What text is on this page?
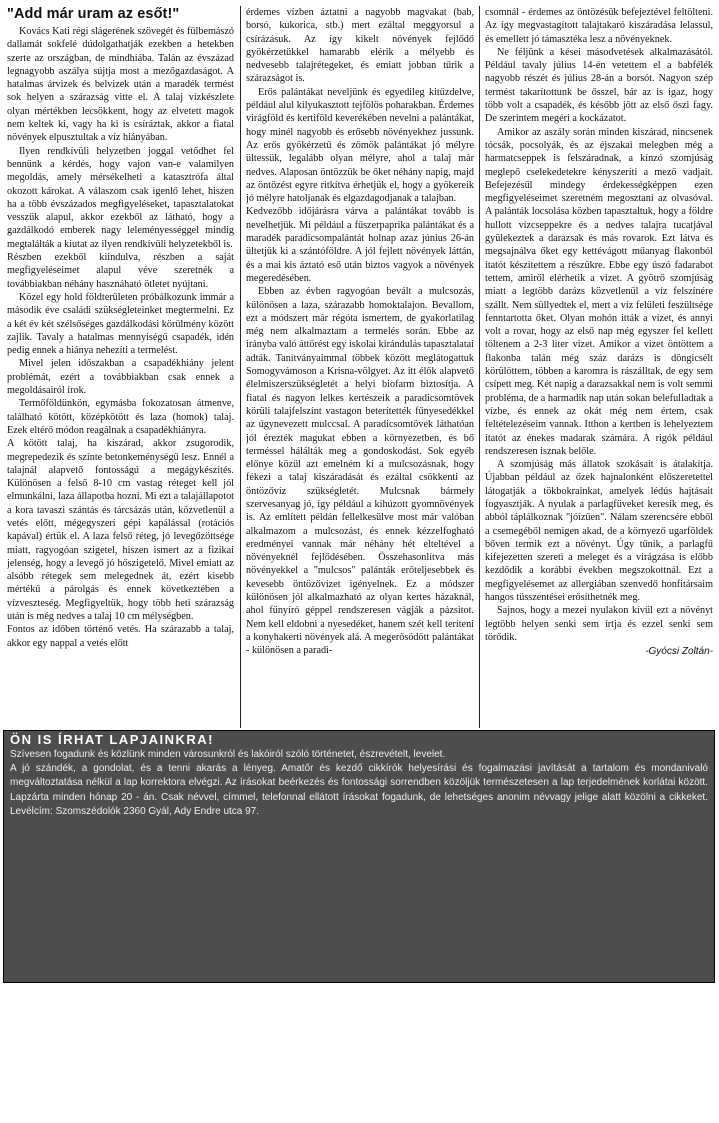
"Add már uram az esőt!"

Kovács Kati régi slágerének szövegét és fülbemászó dallamát sokfelé dúdolgathatják ezekben a hetekben szerte az országban, de mindhiába. Talán az évszázad legnagyobb aszálya sújtja most a mezőgazdaságot. A hatalmas árvizek és belvizek után a maradék termést sok helyen a szárazság vitte el. A talaj vízkészlete olyan mértékben lecsökkent, hogy az elvetett magok nem keltek ki, vagy ha ki is csíráztak, akkor a fiatal növények elpusztultak a víz hiányában.

Ilyen rendkívüli helyzetben joggal vetődhet fel bennünk a kérdés, hogy vajon van-e valamilyen megoldás, amely mérsékelheti a katasztrófa által okozott károkat. A válaszom csak igenlő lehet, hiszen ha a több évszázados megfigyeléseket, tapasztalatokat vesszük alapul, akkor ezekből az látható, hogy a gazdálkodó emberek nagy leleményességgel mindig megtalálták a kiutat az ilyen rendkívüli helyzetekből is.

Részben ezekből kiindulva, részben a saját megfigyeléseimet alapul véve szeretnék a továbbiakban néhány hasznáható ötletet nyújtani.

Közel egy hold földterületen próbálkozunk immár a második éve családi szükségleteinket megtermelni. Ez a két év két szélsőséges gazdálkodási körülmény között zajlik. Tavaly a hatalmas mennyiségű csapadék, idén pedig ennek a hiánya nehezíti a termelést.

Mivel jelen időszakban a csapadékhiány jelent problémát, ezért a továbbiakban csak ennek a megoldásairól írok.

Termőföldünkön, egymásba fokozatosan átmenve, található kötött, középkötött és laza (homok) talaj. Ezek eltérő módon reagálnak a csapadékhiányra.

A kötött talaj, ha kiszárad, akkor zsugorodik, megrepedezik és szinte betonkeménységű lesz. Ennél a talajnál alapvető fontosságú a megágykészítés. Különösen a felső 8-10 cm vastag réteget kell jól elmunkálni, laza állapotba hozni. Mi ezt a talajállapotot a kora tavaszi szántás és tárcsázás után, közvetlenül a vetés előtt, mégegyszeri gépi kapálással (rotációs kapával) értük el. A laza felső réteg, jó levegőzöttsége miatt, ragyogóan szigetel, hiszen ismert az a fizikai jelenség, hogy a levegő jó hőszigetelő. Mivel emiatt az alsóbb rétegek sem melegednek át, ezért kisebb mértékű a párolgás és ennek következtében a vízveszteség. Megfigyeltük, hogy több heti szárazság után is még nedves a talaj 10 cm mélységben.

Fontos az időben történő vetés. Ha szárazabb a talaj, akkor egy nappal a vetés előtt

érdemes vízben áztatni a nagyobb magvakat (bab, borsó, kukorica, stb.) mert ezáltal meggyorsul a csírázásuk. Az így kikelt növények fejlődő gyökérzetükkel hamarabb elérik a mélyebb és nedvesebb talajrétegeket, és emiatt jobban tűrik a szárazságot is.

Erős palántákat neveljünk és egyedileg kitűzdelve, például alul kilyukasztott tejfölös poharakban. Érdemes virágföld és kertiföld keverékében nevelni a palántákat, hogy minél nagyobb és erősebb növényekhez jussunk. Az erős gyökérzetű és zömök palántákat jó mélyre ültessük, legalább olyan mélyre, ahol a talaj már nedves. Alaposan öntözzük be őket néhány napig, majd az öntözést egyre ritkítva érhetjük el, hogy a gyökereik jó mélyre hatoljanak és elgazdagodjanak a talajban.

Kedvezőbb időjárásra várva a palántákat tovább is nevelhetjük. Mi például a fűszerpaprika palántákat és a maradék paradicsompalántát holnap azaz június 26-án ültetjük ki a szántóföldre. A jól fejlett növények láttán, és a mai kis áztató eső után biztos vagyok a növények megeredésében.

Ebben az évben ragyogóan bevált a mulcsozás, különösen a laza, szárazabb homoktalajon. Bevallom, ezt a módszert már régóta ismertem, de gyakorlatilag még nem alkalmaztam a termelés során. Ebbe az irányba való áttörést egy iskolai kirándulás tapasztalatai adták. Tanítványaimmal többek között meglátogattuk Somogyvámoson a Krisna-völgyet. Az itt élők alapvető élelmiszerszükségletét a helyi biofarm biztosítja. A fiatal és nagyon lelkes kertészeik a paradicsomtövek körüli talajfelszínt vastagon beterítették fűnyesedékkel az úgynevezett mulccsal. A paradicsomtövek láthatóan jól érezték magukat ebben a környezetben, és bő terméssel hálálták meg a gondoskodást. Sok egyéb előnye közül azt emelném ki a mulcsozásnak, hogy fékezi a talaj kiszáradását és ezáltal csökkenti az öntözővíz szükségletét. Mulcsnak bármely szervesanyag jó, így például a kihúzott gyomnövények is. Az említett példán fellelkesülve most már valóban alkalmazom a mulcsozást, és ennek kézzelfogható eredményei vannak már néhány hét elteltével a növényeknél fejlődésében. Összehasonlítva más növényekkel a "mulcsos" palánták erőteljesebbek és kevesebb öntözővizet igényelnek. Ez a módszer különösen jól alkalmazható az olyan kertes házaknál, ahol fűnyíró géppel rendszeresen vágják a pázsitot. Nem kell eldobni a nyesedéket, hanem szét kell teríteni a konyhakerti növények alá. A megerősödött palántákat - különösen a paradi-

csomnál - érdemes az öntözésük befejeztével feltölteni. Az így megvastagított talajtakaró kiszáradása lelassul, és emellett jó támasztéka lesz a növényeknek.

Ne féljünk a kései másodvetések alkalmazásától. Például tavaly július 14-én vetettem el a babfélék nagyobb részét és július 28-án a borsót. Nagyon szép termést takarítottunk be ősszel, bár az is igaz, hogy több volt a csapadék, és később jött az első őszi fagy. De szerintem megéri a kockázatot.

Amikor az aszály során minden kiszárad, nincsenek tócsák, pocsolyák, és az éjszakai melegben még a harmatcseppek is felszáradnak, a kínzó szomjúság meglepő cselekedetekre kényszeríti a mező vadjait. Befejezésül mindegy érdekességképpen ezen megfigyeléseimet szeretném megosztani az olvasóval. A palánták locsolása közben tapasztaltuk, hogy a földre hullott vízcseppekre és a nedves talajra tucatjával gyülekeztek a darazsak és más rovarok. Ezt látva és megsajnálva őket egy kettévágott műanyag flakonból itatót készítettem a részükre. Ebbe egy úszó fadarabot tettem, amiről elérhetik a vizet. A gyötrő szomjúság miatt a legtöbb darázs közvetlenül a víz felszínére szállt. Nem süllyedtek el, mert a víz felületi feszültsége fenntartotta őket. Olyan mohón itták a vizet, és annyi volt a rovar, hogy az első nap még egyszer fel kellett töltenem a 2-3 liter vizet. Amikor a vizet öntöttem a flakonba talán még száz darázs is döngicsélt körülöttem, többen a karomra is rászálltak, de egy sem csípett meg. Két napig a darazsakkal nem is volt semmi probléma, de a harmadik nap után sokan belefulladtak a vízbe, és ennek az okát még nem értem, csak feltételezéseim vannak. Itthon a kertben is lehelyeztem itatót az énekes madarak számára. A rigók például rendszeresen isznak belőle.

A szomjúság más állatok szokásait is átalakítja. Újabban például az őzek hajnalonként előszeretettel látogatják a tökbokrainkat, amelyek lédús hajtásait fogyasztják. A nyulak a parlagfüveket keresik meg, és abból táplálkoznak "jóízűen". Nálam szerencsére ebből a csemegéből nemigen akad, de a környező ugarföldek bőven termik ezt a növényt. Úgy tűnik, a parlagfű kifejezetten szereti a meleget és a virágzása is előbb kezdődik a korábbi években megszokottnál. Ezt a megfigyelésemet az allergiában szenvedő honfitársaim hangos tüsszentései erősíthetnék meg.

Sajnos, hogy a mezei nyulakon kívül ezt a növényt legtöbb helyen senki sem írtja és ezzel senki sem törődik.

-Gyócsi Zoltán-
ÖN IS ÍRHAT LAPJAINKRA!

Szívesen fogadunk és közlünk minden városunkról és lakóiról szóló történetet, észrevételt, levelet.

A jó szándék, a gondolat, és a tenni akarás a lényeg. Amatőr és kezdő cikkírók helyesírási és fogalmazási javítását a tartalom és mondanivaló megváltoztatása nélkül a lap korrektora elvégzi. Az írásokat beérkezés és fontossági sorrendben közöljük természetesen a lap terjedelmének korlátai között. Lapzárta minden hónap 20 - án. Csak névvel, címmel, telefonnal ellátott írásokat fogadunk, de lehetséges anonim névvagy jelige alatt közölni a cikkeket. Levélcím: Szomszédolók 2360 Gyál, Ady Endre utca 97.
